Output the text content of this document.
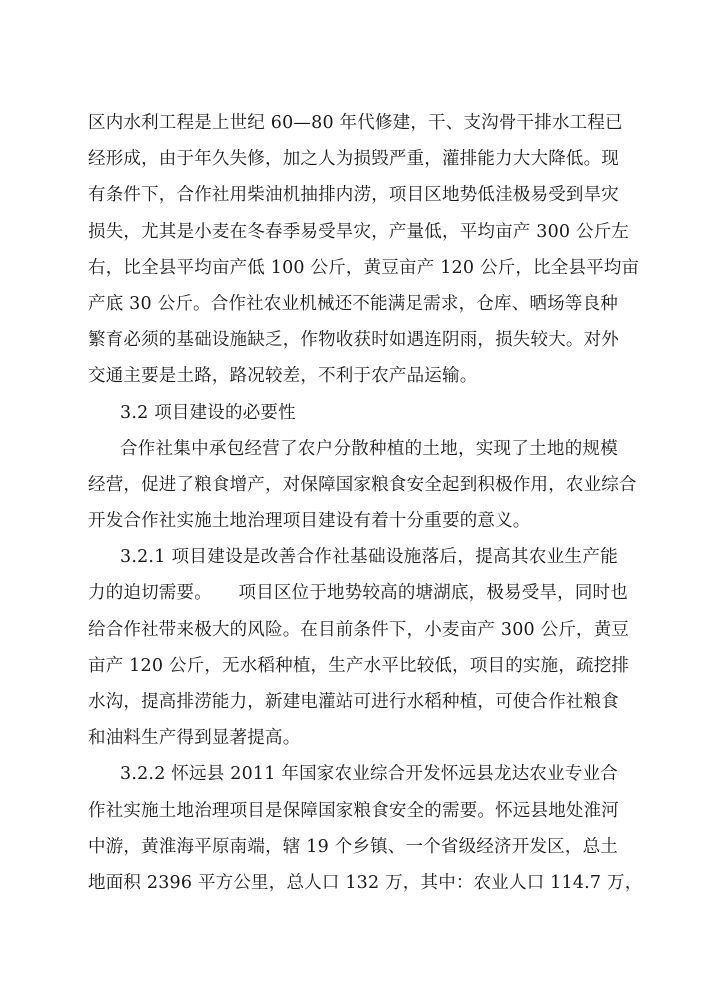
区内水利工程是上世纪 60—80 年代修建，干、支沟骨干排水工程已
经形成，由于年久失修，加之人为损毁严重，灌排能力大大降低。现
有条件下，合作社用柴油机抽排内涝，项目区地势低洼极易受到旱灾
损失，尤其是小麦在冬春季易受旱灾，产量低，平均亩产 300 公斤左
右，比全县平均亩产低 100 公斤，黄豆亩产 120 公斤，比全县平均亩
产底 30 公斤。合作社农业机械还不能满足需求，仓库、晒场等良种
繁育必须的基础设施缺乏，作物收获时如遇连阴雨，损失较大。对外
交通主要是土路，路况较差，不利于农产品运输。
3.2 项目建设的必要性
合作社集中承包经营了农户分散种植的土地，实现了土地的规模
经营，促进了粮食增产，对保障国家粮食安全起到积极作用，农业综合
开发合作社实施土地治理项目建设有着十分重要的意义。
3.2.1 项目建设是改善合作社基础设施落后，提高其农业生产能
力的迫切需要。　　项目区位于地势较高的塘湖底，极易受旱，同时也
给合作社带来极大的风险。在目前条件下，小麦亩产 300 公斤，黄豆
亩产 120 公斤，无水稻种植，生产水平比较低，项目的实施，疏挖排
水沟，提高排涝能力，新建电灌站可进行水稻种植，可使合作社粮食
和油料生产得到显著提高。
3.2.2 怀远县 2011 年国家农业综合开发怀远县龙达农业专业合
作社实施土地治理项目是保障国家粮食安全的需要。怀远县地处淮河
中游，黄淮海平原南端，辖 19 个乡镇、一个省级经济开发区，总土
地面积 2396 平方公里，总人口 132 万，其中：农业人口 114.7 万，
